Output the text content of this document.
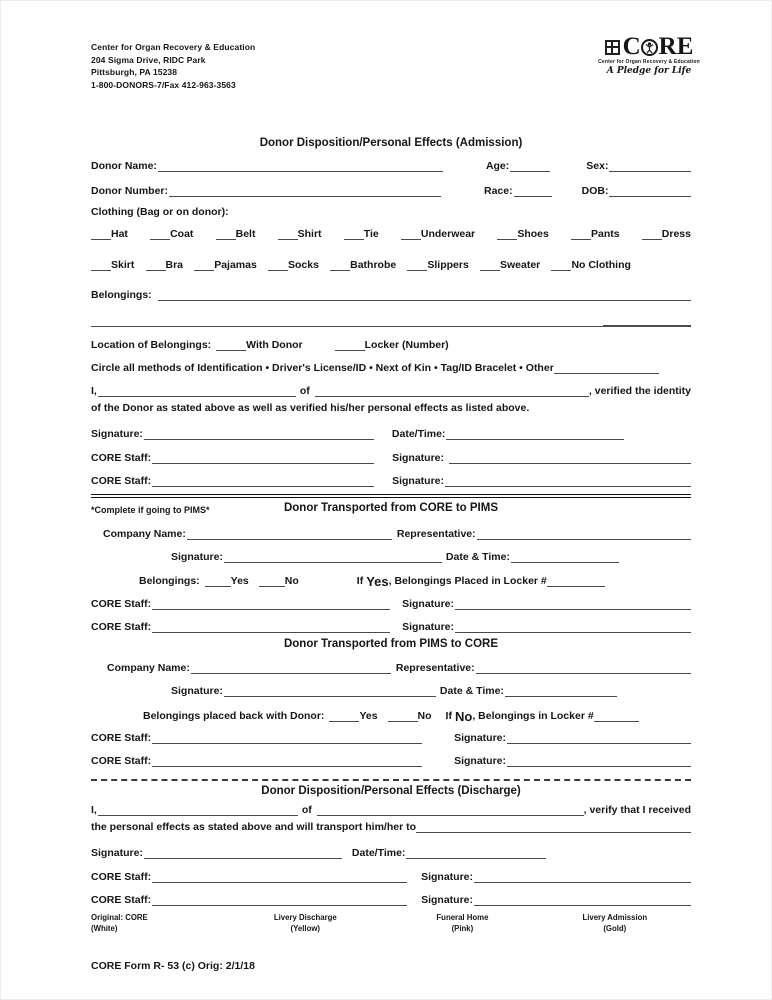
Center for Organ Recovery & Education
204 Sigma Drive, RIDC Park
Pittsburgh, PA 15238
1-800-DONORS-7/Fax 412-963-3563
C RE
Center for Organ Recovery & Education
A Pledge for Life
Donor Disposition/Personal Effects (Admission)
Donor Name:	Age:	Sex:
Donor Number:	Race:	DOB:
Clothing (Bag or on donor):
Hat	Coat	Belt	Shirt	Tie	Underwear	Shoes	Pants	Dress
Skirt	Bra	Pajamas	Socks	Bathrobe	Slippers	Sweater	No Clothing
Belongings:
Location of Belongings:	With Donor	Locker (Number)
Circle all methods of Identification • Driver's License/ID • Next of Kin • Tag/ID Bracelet • Other
I,	of	, verified the identity
of the Donor as stated above as well as verified his/her personal effects as listed above.
Signature:	Date/Time:
CORE Staff:	Signature:
CORE Staff:	Signature:
*Complete if going to PIMS*	Donor Transported from CORE to PIMS
Company Name:	Representative:
Signature:	Date & Time:
Belongings:	Yes	No	If Yes , Belongings Placed in Locker #
CORE Staff:	Signature:
CORE Staff:	Signature:
Donor Transported from PIMS to CORE
Company Name:	Representative:
Signature:	Date & Time:
Belongings placed back with Donor:	Yes	No If No , Belongings in Locker #
CORE Staff:	Signature:
CORE Staff:	Signature:
Donor Disposition/Personal Effects (Discharge)
I,	of	, verify that I received
the personal effects as stated above and will transport him/her to
Signature:	Date/Time:
CORE Staff:	Signature:
CORE Staff:	Signature:
Original: CORE
(White)
Livery Discharge
(Yellow)
Funeral Home
(Pink)
Livery Admission
(Gold)
CORE Form R- 53 (c) Orig: 2/1/18
